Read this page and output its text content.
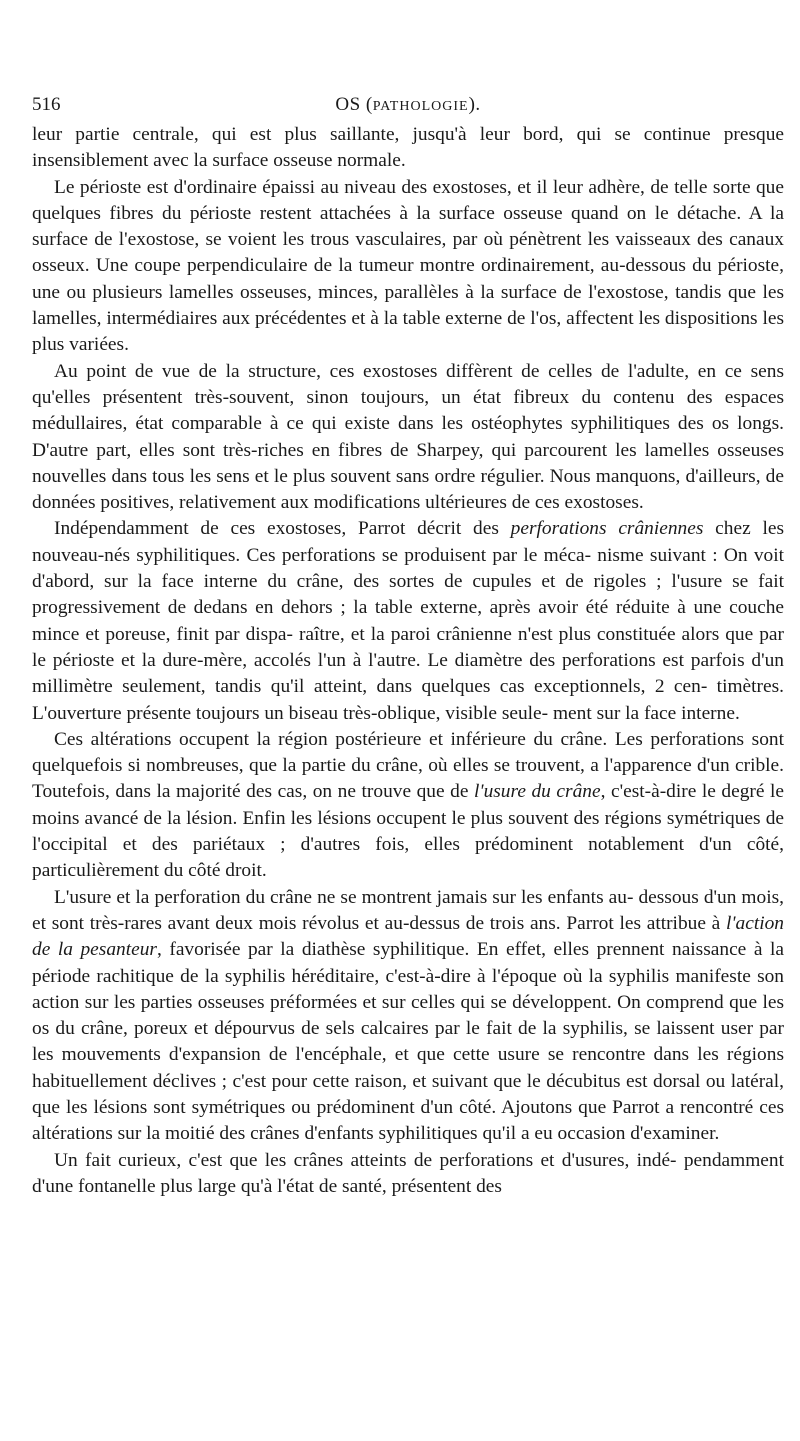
516	OS (PATHOLOGIE).

leur partie centrale, qui est plus saillante, jusqu'à leur bord, qui se continue presque insensiblement avec la surface osseuse normale.

Le périoste est d'ordinaire épaissi au niveau des exostoses, et il leur adhère, de telle sorte que quelques fibres du périoste restent attachées à la surface osseuse quand on le détache. A la surface de l'exostose, se voient les trous vasculaires, par où pénètrent les vaisseaux des canaux osseux. Une coupe perpendiculaire de la tumeur montre ordinairement, au-dessous du périoste, une ou plusieurs lamelles osseuses, minces, parallèles à la surface de l'exostose, tandis que les lamelles, intermédiaires aux précédentes et à la table externe de l'os, affectent les dispositions les plus variées.

Au point de vue de la structure, ces exostoses diffèrent de celles de l'adulte, en ce sens qu'elles présentent très-souvent, sinon toujours, un état fibreux du contenu des espaces médullaires, état comparable à ce qui existe dans les ostéophytes syphilitiques des os longs. D'autre part, elles sont très-riches en fibres de Sharpey, qui parcourent les lamelles osseuses nouvelles dans tous les sens et le plus souvent sans ordre régulier. Nous manquons, d'ailleurs, de données positives, relativement aux modifications ultérieures de ces exostoses.

Indépendamment de ces exostoses, Parrot décrit des perforations crâniennes chez les nouveau-nés syphilitiques. Ces perforations se produisent par le méca- nisme suivant : On voit d'abord, sur la face interne du crâne, des sortes de cupules et de rigoles ; l'usure se fait progressivement de dedans en dehors ; la table externe, après avoir été réduite à une couche mince et poreuse, finit par dispa- raître, et la paroi crânienne n'est plus constituée alors que par le périoste et la dure-mère, accolés l'un à l'autre. Le diamètre des perforations est parfois d'un millimètre seulement, tandis qu'il atteint, dans quelques cas exceptionnels, 2 cen- timètres. L'ouverture présente toujours un biseau très-oblique, visible seule- ment sur la face interne.

Ces altérations occupent la région postérieure et inférieure du crâne. Les perforations sont quelquefois si nombreuses, que la partie du crâne, où elles se trouvent, a l'apparence d'un crible. Toutefois, dans la majorité des cas, on ne trouve que de l'usure du crâne, c'est-à-dire le degré le moins avancé de la lésion. Enfin les lésions occupent le plus souvent des régions symétriques de l'occipital et des pariétaux ; d'autres fois, elles prédominent notablement d'un côté, particulièrement du côté droit.

L'usure et la perforation du crâne ne se montrent jamais sur les enfants au- dessous d'un mois, et sont très-rares avant deux mois révolus et au-dessus de trois ans. Parrot les attribue à l'action de la pesanteur, favorisée par la diathèse syphilitique. En effet, elles prennent naissance à la période rachitique de la syphilis héréditaire, c'est-à-dire à l'époque où la syphilis manifeste son action sur les parties osseuses préformées et sur celles qui se développent. On comprend que les os du crâne, poreux et dépourvus de sels calcaires par le fait de la syphilis, se laissent user par les mouvements d'expansion de l'encéphale, et que cette usure se rencontre dans les régions habituellement déclives ; c'est pour cette raison, et suivant que le décubitus est dorsal ou latéral, que les lésions sont symétriques ou prédominent d'un côté. Ajoutons que Parrot a rencontré ces altérations sur la moitié des crânes d'enfants syphilitiques qu'il a eu occasion d'examiner.

Un fait curieux, c'est que les crânes atteints de perforations et d'usures, indé- pendamment d'une fontanelle plus large qu'à l'état de santé, présentent des
